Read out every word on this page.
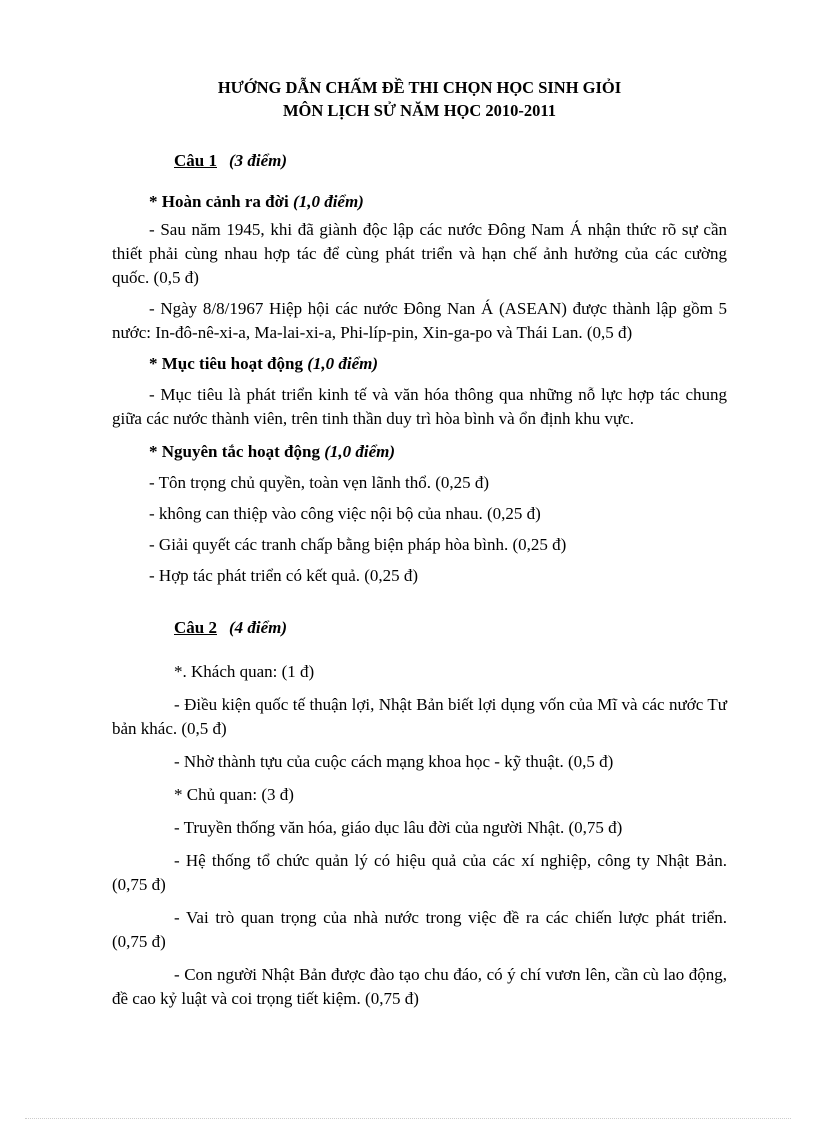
HƯỚNG DẪN CHẤM ĐỀ THI CHỌN HỌC SINH GIỎI
MÔN LỊCH SỬ NĂM HỌC 2010-2011
Câu 1 (3 điểm)
* Hoàn cảnh ra đời (1,0 điểm)
- Sau năm 1945, khi đã giành độc lập các nước Đông Nam Á nhận thức rõ sự cần thiết phải cùng nhau hợp tác để cùng phát triển và hạn chế ảnh hưởng của các cường quốc. (0,5 đ)
- Ngày 8/8/1967 Hiệp hội các nước Đông Nan Á (ASEAN) được thành lập gồm 5 nước: In-đô-nê-xi-a, Ma-lai-xi-a, Phi-líp-pin, Xin-ga-po và Thái Lan. (0,5 đ)
* Mục tiêu hoạt động (1,0 điểm)
- Mục tiêu là phát triển kinh tế và văn hóa thông qua những nỗ lực hợp tác chung giữa các nước thành viên, trên tinh thần duy trì hòa bình và ổn định khu vực.
* Nguyên tắc hoạt động (1,0 điểm)
- Tôn trọng chủ quyền, toàn vẹn lãnh thổ. (0,25 đ)
- không can thiệp vào công việc nội bộ của nhau. (0,25 đ)
- Giải quyết các tranh chấp bằng biện pháp hòa bình. (0,25 đ)
- Hợp tác phát triển có kết quả. (0,25 đ)
Câu 2 (4 điểm)
*. Khách quan: (1 đ)
- Điều kiện quốc tế thuận lợi, Nhật Bản biết lợi dụng vốn của Mĩ và các nước Tư bản khác. (0,5 đ)
- Nhờ thành tựu của cuộc cách mạng khoa học - kỹ thuật. (0,5 đ)
* Chủ quan: (3 đ)
- Truyền thống văn hóa, giáo dục lâu đời của người Nhật. (0,75 đ)
- Hệ thống tổ chức quản lý có hiệu quả của các xí nghiệp, công ty Nhật Bản. (0,75 đ)
- Vai trò quan trọng của nhà nước trong việc đề ra các chiến lược phát triển. (0,75 đ)
- Con người Nhật Bản được đào tạo chu đáo, có ý chí vươn lên, cần cù lao động, đề cao kỷ luật và coi trọng tiết kiệm. (0,75 đ)
